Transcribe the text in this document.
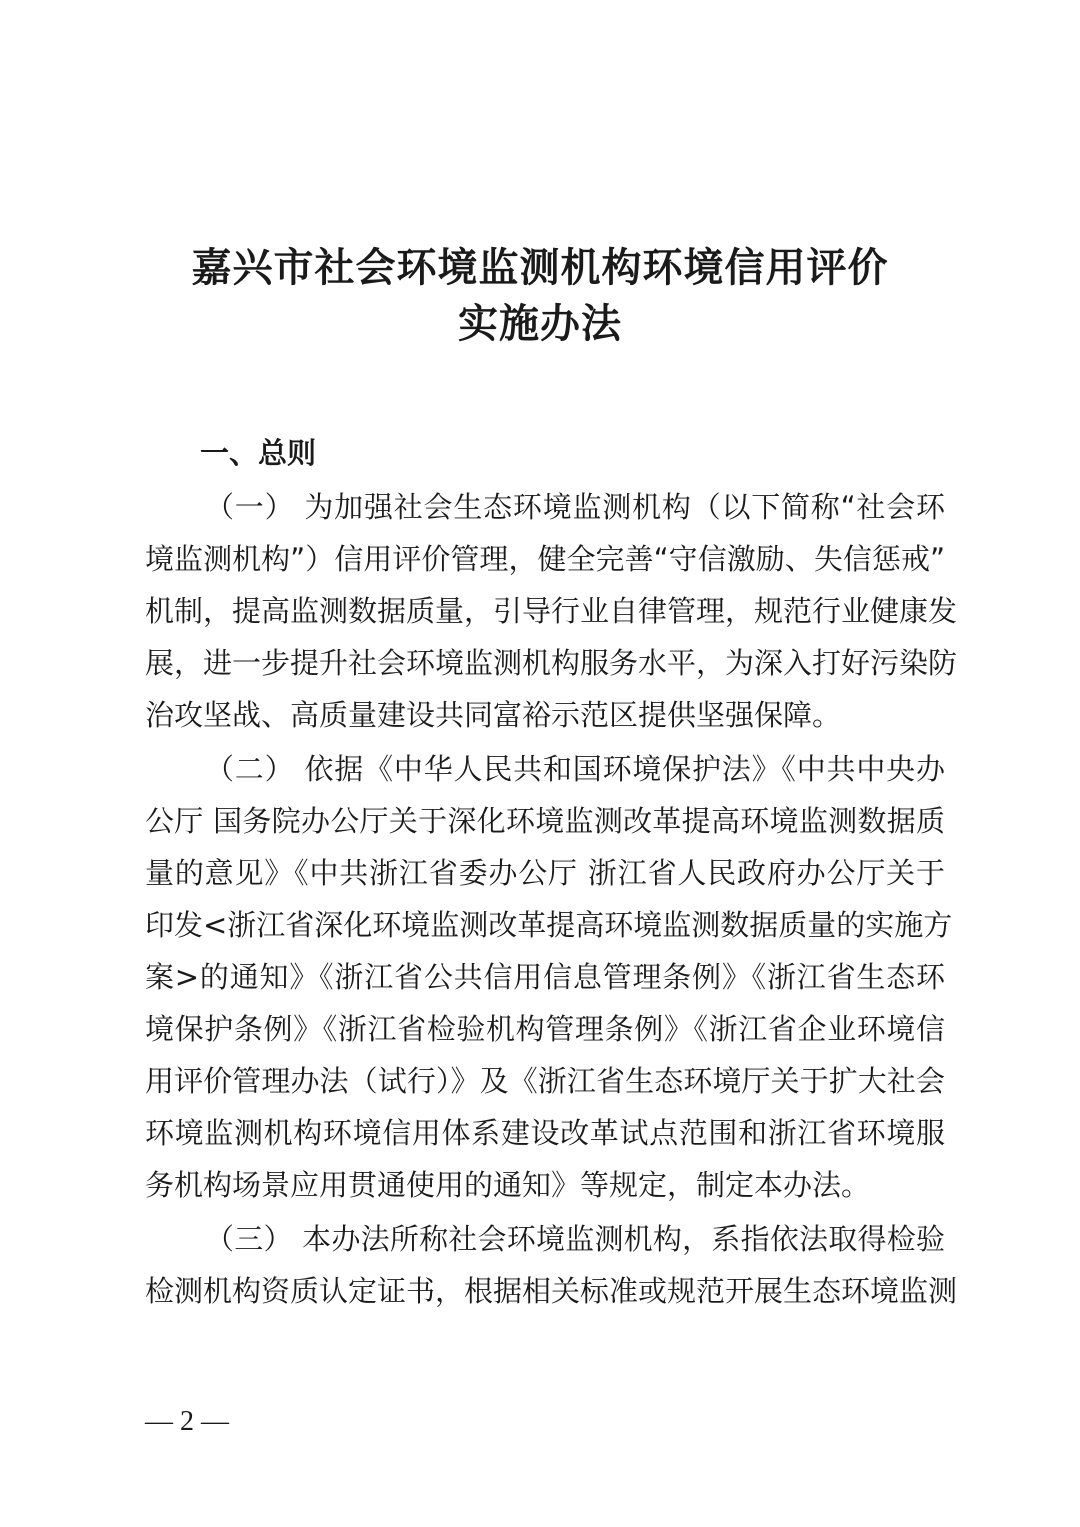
嘉兴市社会环境监测机构环境信用评价
实施办法
一、总则

（一） 为加强社会生态环境监测机构（以下简称“社会环

境监测机构”）信用评价管理，健全完善“守信激励、失信惩戒”

机制，提高监测数据质量，引导行业自律管理，规范行业健康发

展，进一步提升社会环境监测机构服务水平，为深入打好污染防

治攻坚战、高质量建设共同富裕示范区提供坚强保障。

（二） 依据《中华人民共和国环境保护法》《中共中央办

公厅 国务院办公厅关于深化环境监测改革提高环境监测数据质

量的意见》《中共浙江省委办公厅 浙江省人民政府办公厅关于

印发<浙江省深化环境监测改革提高环境监测数据质量的实施方

案>的通知》《浙江省公共信用信息管理条例》《浙江省生态环

境保护条例》《浙江省检验机构管理条例》《浙江省企业环境信

用评价管理办法（试行）》及《浙江省生态环境厅关于扩大社会

环境监测机构环境信用体系建设改革试点范围和浙江省环境服

务机构场景应用贯通使用的通知》等规定，制定本办法。

（三） 本办法所称社会环境监测机构，系指依法取得检验

检测机构资质认定证书，根据相关标准或规范开展生态环境监测

— 2 —
